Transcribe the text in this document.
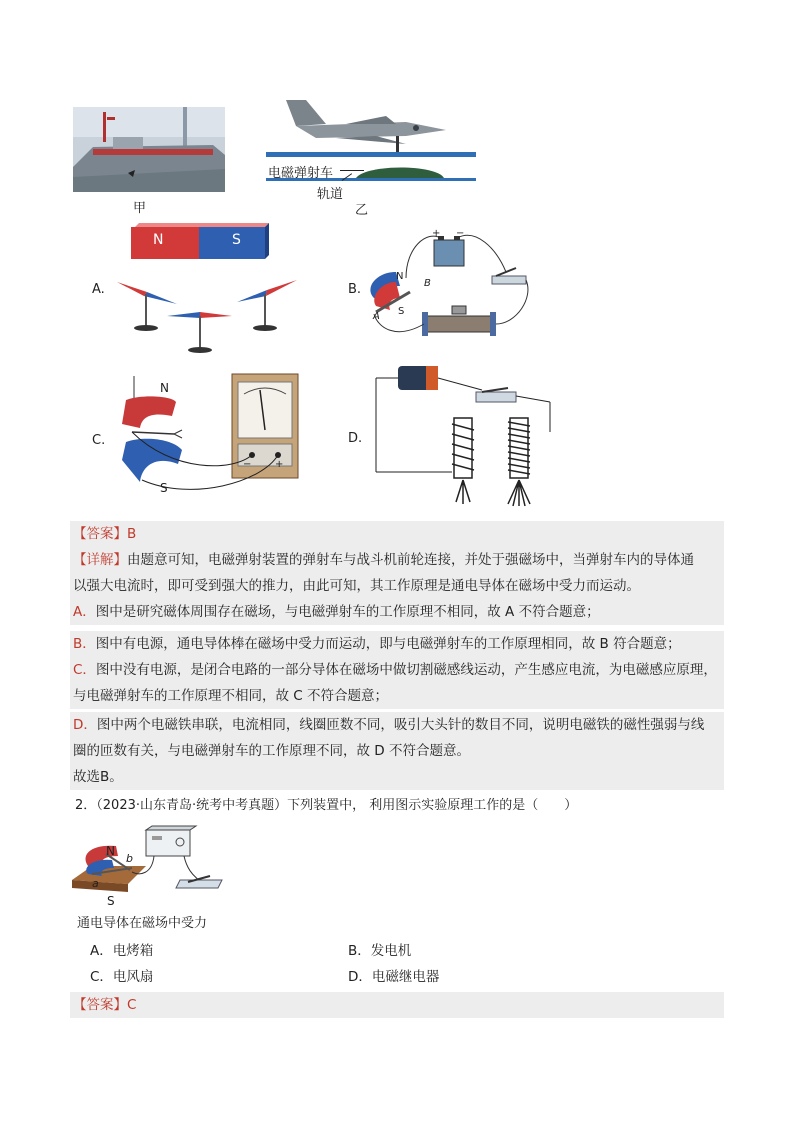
甲
电磁弹射车
轨道
乙
N	S
A.	B.
+ −
N
B
S
A
C.
N
S
− +
D.
【答案】B
【详解】由题意可知，电磁弹射装置的弹射车与战斗机前轮连接，并处于强磁场中，当弹射车内的导体通
以强大电流时，即可受到强大的推力，由此可知，其工作原理是通电导体在磁场中受力而运动。
A．图中是研究磁体周围存在磁场，与电磁弹射车的工作原理不相同，故 A 不符合题意；
B．图中有电源，通电导体棒在磁场中受力而运动，即与电磁弹射车的工作原理相同，故 B 符合题意；
C．图中没有电源，是闭合电路的一部分导体在磁场中做切割磁感线运动，产生感应电流，为电磁感应原理，
与电磁弹射车的工作原理不相同，故 C 不符合题意；
D．图中两个电磁铁串联，电流相同，线圈匝数不同，吸引大头针的数目不同，说明电磁铁的磁性强弱与线
圈的匝数有关，与电磁弹射车的工作原理不同，故 D 不符合题意。
故选B。
2．（2023·山东青岛·统考中考真题）下列装置中， 利用图示实验原理工作的是（　　）
N
b
a
S
通电导体在磁场中受力
A．电烤箱	B．发电机
C．电风扇	D．电磁继电器
【答案】C
